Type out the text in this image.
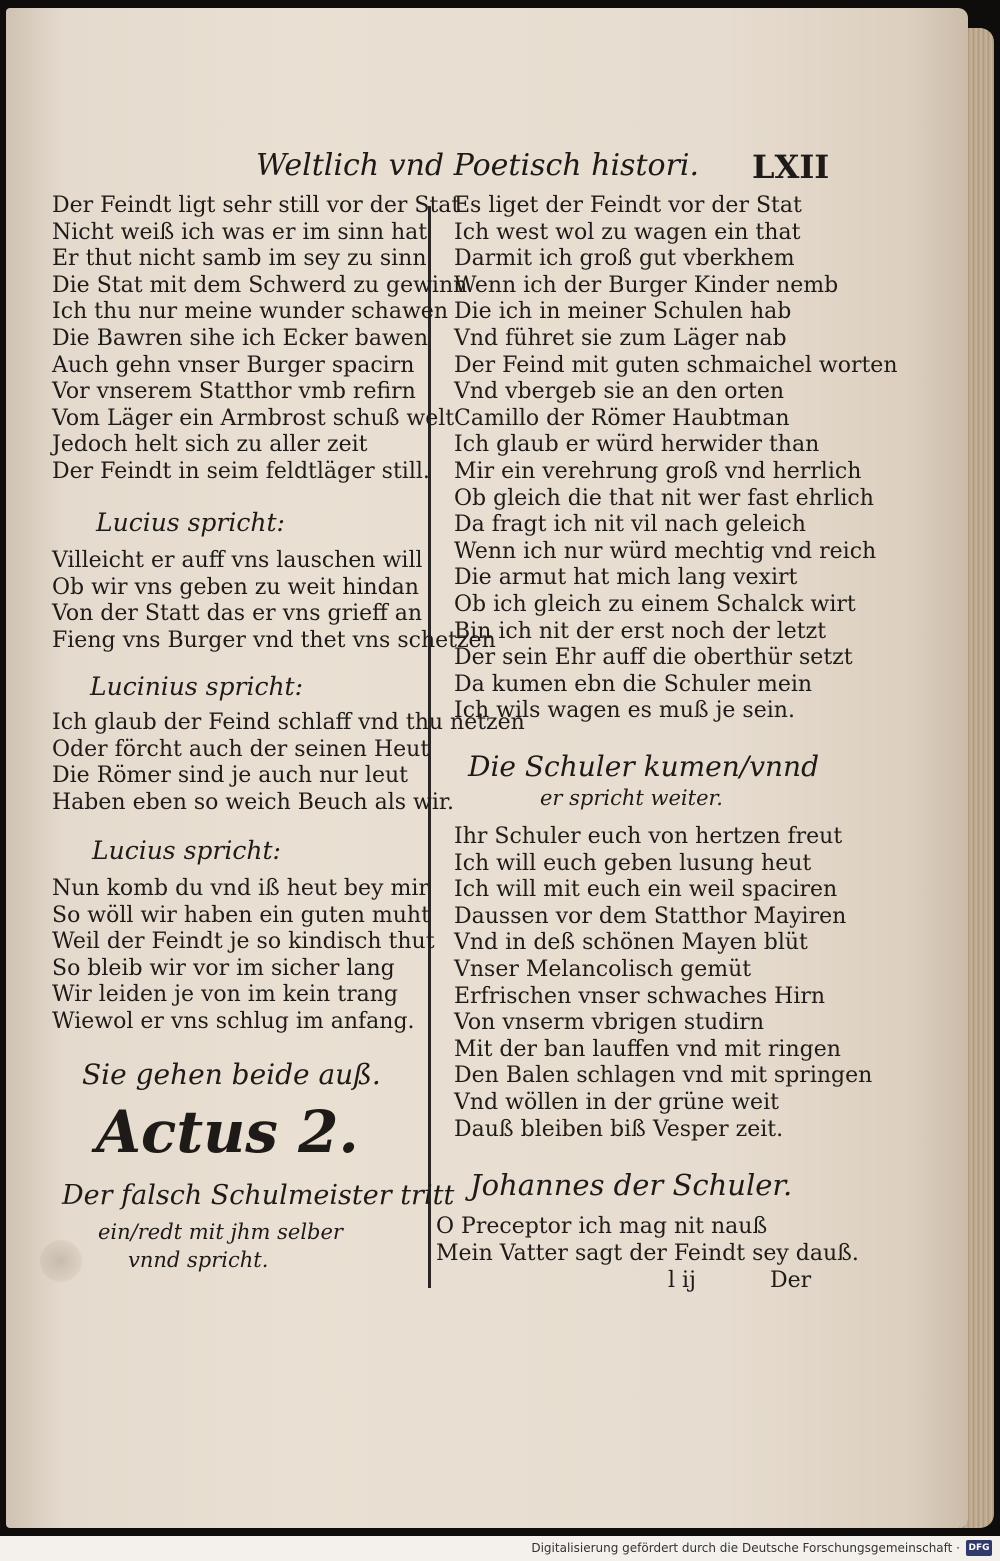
Weltlich vnd Poetisch histori. LXII
Der Feindt ligt sehr still vor der Stat
Nicht weiß ich was er im sinn hat
Er thut nicht samb im sey zu sinn
Die Stat mit dem Schwerd zu gewinn
Ich thu nur meine wunder schawen
Die Bawren sihe ich Ecker bawen
Auch gehn vnser Burger spacirn
Vor vnserem Statthor vmb refirn
Vom Läger ein Armbrost schuß welt
Jedoch helt sich zu aller zeit
Der Feindt in seim feldtläger still.
Lucius spricht:
Villeicht er auff vns lauschen will
Ob wir vns geben zu weit hindan
Von der Statt das er vns grieff an
Fieng vns Burger vnd thet vns schetzen
Lucinius spricht:
Ich glaub der Feind schlaff vnd thu netzen
Oder förcht auch der seinen Heut
Die Römer sind je auch nur leut
Haben eben so weich Beuch als wir.
Lucius spricht:
Nun komb du vnd iß heut bey mir
So wöll wir haben ein guten muht
Weil der Feindt je so kindisch thut
So bleib wir vor im sicher lang
Wir leiden je von im kein trang
Wiewol er vns schlug im anfang.
Sie gehen beide auß.
Actus 2.
Der falsch Schulmeister tritt
ein/redt mit jhm selber
vnnd spricht.
Es liget der Feindt vor der Stat
Ich west wol zu wagen ein that
Darmit ich groß gut vberkhem
Wenn ich der Burger Kinder nemb
Die ich in meiner Schulen hab
Vnd führet sie zum Läger nab
Der Feind mit guten schmaichel worten
Vnd vbergeb sie an den orten
Camillo der Römer Haubtman
Ich glaub er würd herwider than
Mir ein verehrung groß vnd herrlich
Ob gleich die that nit wer fast ehrlich
Da fragt ich nit vil nach geleich
Wenn ich nur würd mechtig vnd reich
Die armut hat mich lang vexirt
Ob ich gleich zu einem Schalck wirt
Bin ich nit der erst noch der letzt
Der sein Ehr auff die oberthür setzt
Da kumen ebn die Schuler mein
Ich wils wagen es muß je sein.
Die Schuler kumen/vnnd
er spricht weiter.
Ihr Schuler euch von hertzen freut
Ich will euch geben lusung heut
Ich will mit euch ein weil spaciren
Daussen vor dem Statthor Mayiren
Vnd in deß schönen Mayen blüt
Vnser Melancolisch gemüt
Erfrischen vnser schwaches Hirn
Von vnserm vbrigen studirn
Mit der ban lauffen vnd mit ringen
Den Balen schlagen vnd mit springen
Vnd wöllen in der grüne weit
Dauß bleiben biß Vesper zeit.
Johannes der Schuler.
O Preceptor ich mag nit nauß
Mein Vatter sagt der Feindt sey dauß.
l ij	Der
Digitalisierung gefördert durch die Deutsche Forschungsgemeinschaft · DFG
